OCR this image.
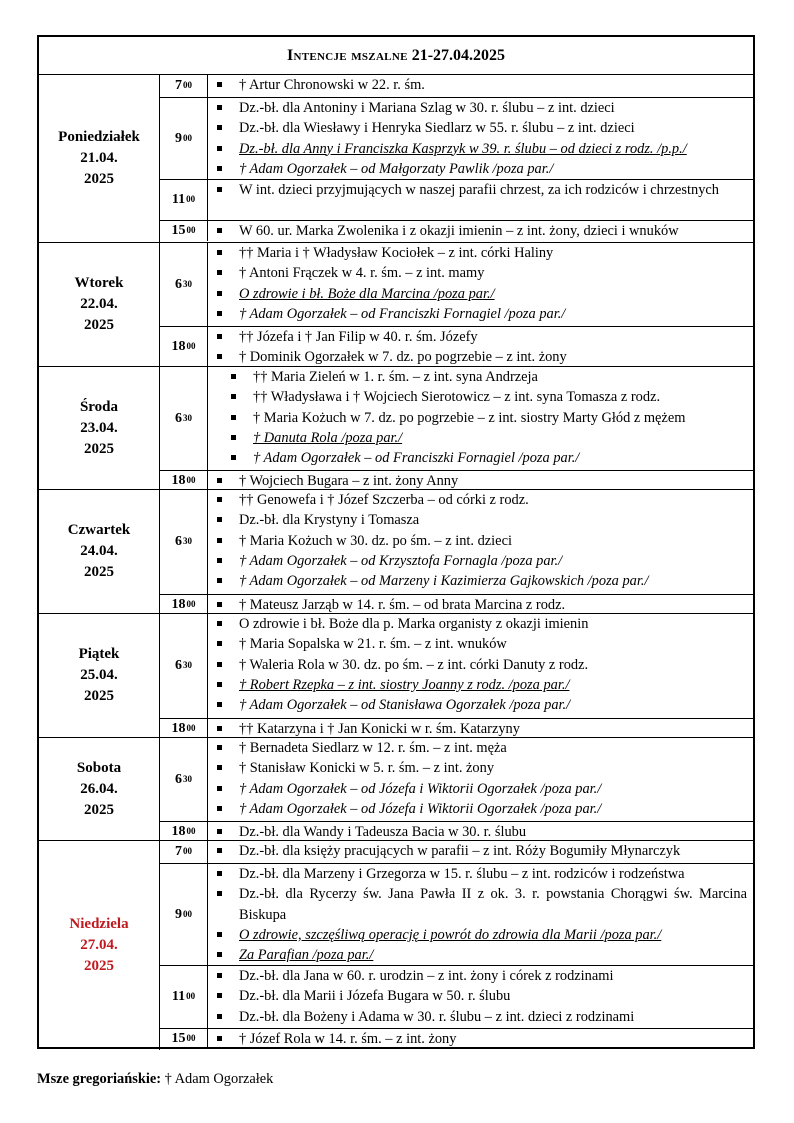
Intencje mszalne 21-27.04.2025
Poniedziałek
21.04.
2025
$7^{00}$	† Artur Chronowski w 22. r. śm.
$9^{00}$
Dz.-bł. dla Antoniny i Mariana Szlag w 30. r. ślubu – z int. dzieci
Dz.-bł. dla Wiesławy i Henryka Siedlarz w 55. r. ślubu – z int. dzieci
Dz.-bł. dla Anny i Franciszka Kasprzyk w 39. r. ślubu – od dzieci z rodz. /p.p./
† Adam Ogorzałek – od Małgorzaty Pawlik /poza par./
$11^{00}$
W int. dzieci przyjmujących w naszej parafii chrzest, za ich rodziców i chrzestnych
$15^{00}$	W 60. ur. Marka Zwolenika i z okazji imienin – z int. żony, dzieci i wnuków
Wtorek
22.04.
2025
$6^{30}$
†† Maria i † Władysław Kociołek – z int. córki Haliny
† Antoni Frączek w 4. r. śm. – z int. mamy
O zdrowie i bł. Boże dla Marcina /poza par./
† Adam Ogorzałek – od Franciszki Fornagiel /poza par./
$18^{00}$
†† Józefa i † Jan Filip w 40. r. śm. Józefy
† Dominik Ogorzałek w 7. dz. po pogrzebie – z int. żony
Środa
23.04.
2025
$6^{30}$
†† Maria Zieleń w 1. r. śm. – z int. syna Andrzeja
†† Władysława i † Wojciech Sierotowicz – z int. syna Tomasza z rodz.
† Maria Kożuch w 7. dz. po pogrzebie – z int. siostry Marty Głód z mężem
† Danuta Rola /poza par./
† Adam Ogorzałek – od Franciszki Fornagiel /poza par./
$18^{00}$	† Wojciech Bugara – z int. żony Anny
Czwartek
24.04.
2025
$6^{30}$
†† Genowefa i † Józef Szczerba – od córki z rodz.
Dz.-bł. dla Krystyny i Tomasza
† Maria Kożuch w 30. dz. po śm. – z int. dzieci
† Adam Ogorzałek – od Krzysztofa Fornagla /poza par./
† Adam Ogorzałek – od Marzeny i Kazimierza Gajkowskich /poza par./
$18^{00}$	† Mateusz Jarząb w 14. r. śm. – od brata Marcina z rodz.
Piątek
25.04.
2025
$6^{30}$
O zdrowie i bł. Boże dla p. Marka organisty z okazji imienin
† Maria Sopalska w 21. r. śm. – z int. wnuków
† Waleria Rola w 30. dz. po śm. – z int. córki Danuty z rodz.
† Robert Rzepka – z int. siostry Joanny z rodz. /poza par./
† Adam Ogorzałek – od Stanisława Ogorzałek /poza par./
$18^{00}$	†† Katarzyna i † Jan Konicki w r. śm. Katarzyny
Sobota
26.04.
2025
$6^{30}$
† Bernadeta Siedlarz w 12. r. śm. – z int. męża
† Stanisław Konicki w 5. r. śm. – z int. żony
† Adam Ogorzałek – od Józefa i Wiktorii Ogorzałek /poza par./
† Adam Ogorzałek – od Józefa i Wiktorii Ogorzałek /poza par./
$18^{00}$	Dz.-bł. dla Wandy i Tadeusza Bacia w 30. r. ślubu
Niedziela
27.04.
2025
$7^{00}$	Dz.-bł. dla księży pracujących w parafii – z int. Róży Bogumiły Młynarczyk
$9^{00}$
Dz.-bł. dla Marzeny i Grzegorza w 15. r. ślubu – z int. rodziców i rodzeństwa
Dz.-bł. dla Rycerzy św. Jana Pawła II z ok. 3. r. powstania Chorągwi św. Marcina Biskupa
O zdrowie, szczęśliwą operację i powrót do zdrowia dla Marii /poza par./
Za Parafian /poza par./
$11^{00}$
Dz.-bł. dla Jana w 60. r. urodzin – z int. żony i córek z rodzinami
Dz.-bł. dla Marii i Józefa Bugara w 50. r. ślubu
Dz.-bł. dla Bożeny i Adama w 30. r. ślubu – z int. dzieci z rodzinami
$15^{00}$	† Józef Rola w 14. r. śm. – z int. żony
Msze gregoriańskie: † Adam Ogorzałek
